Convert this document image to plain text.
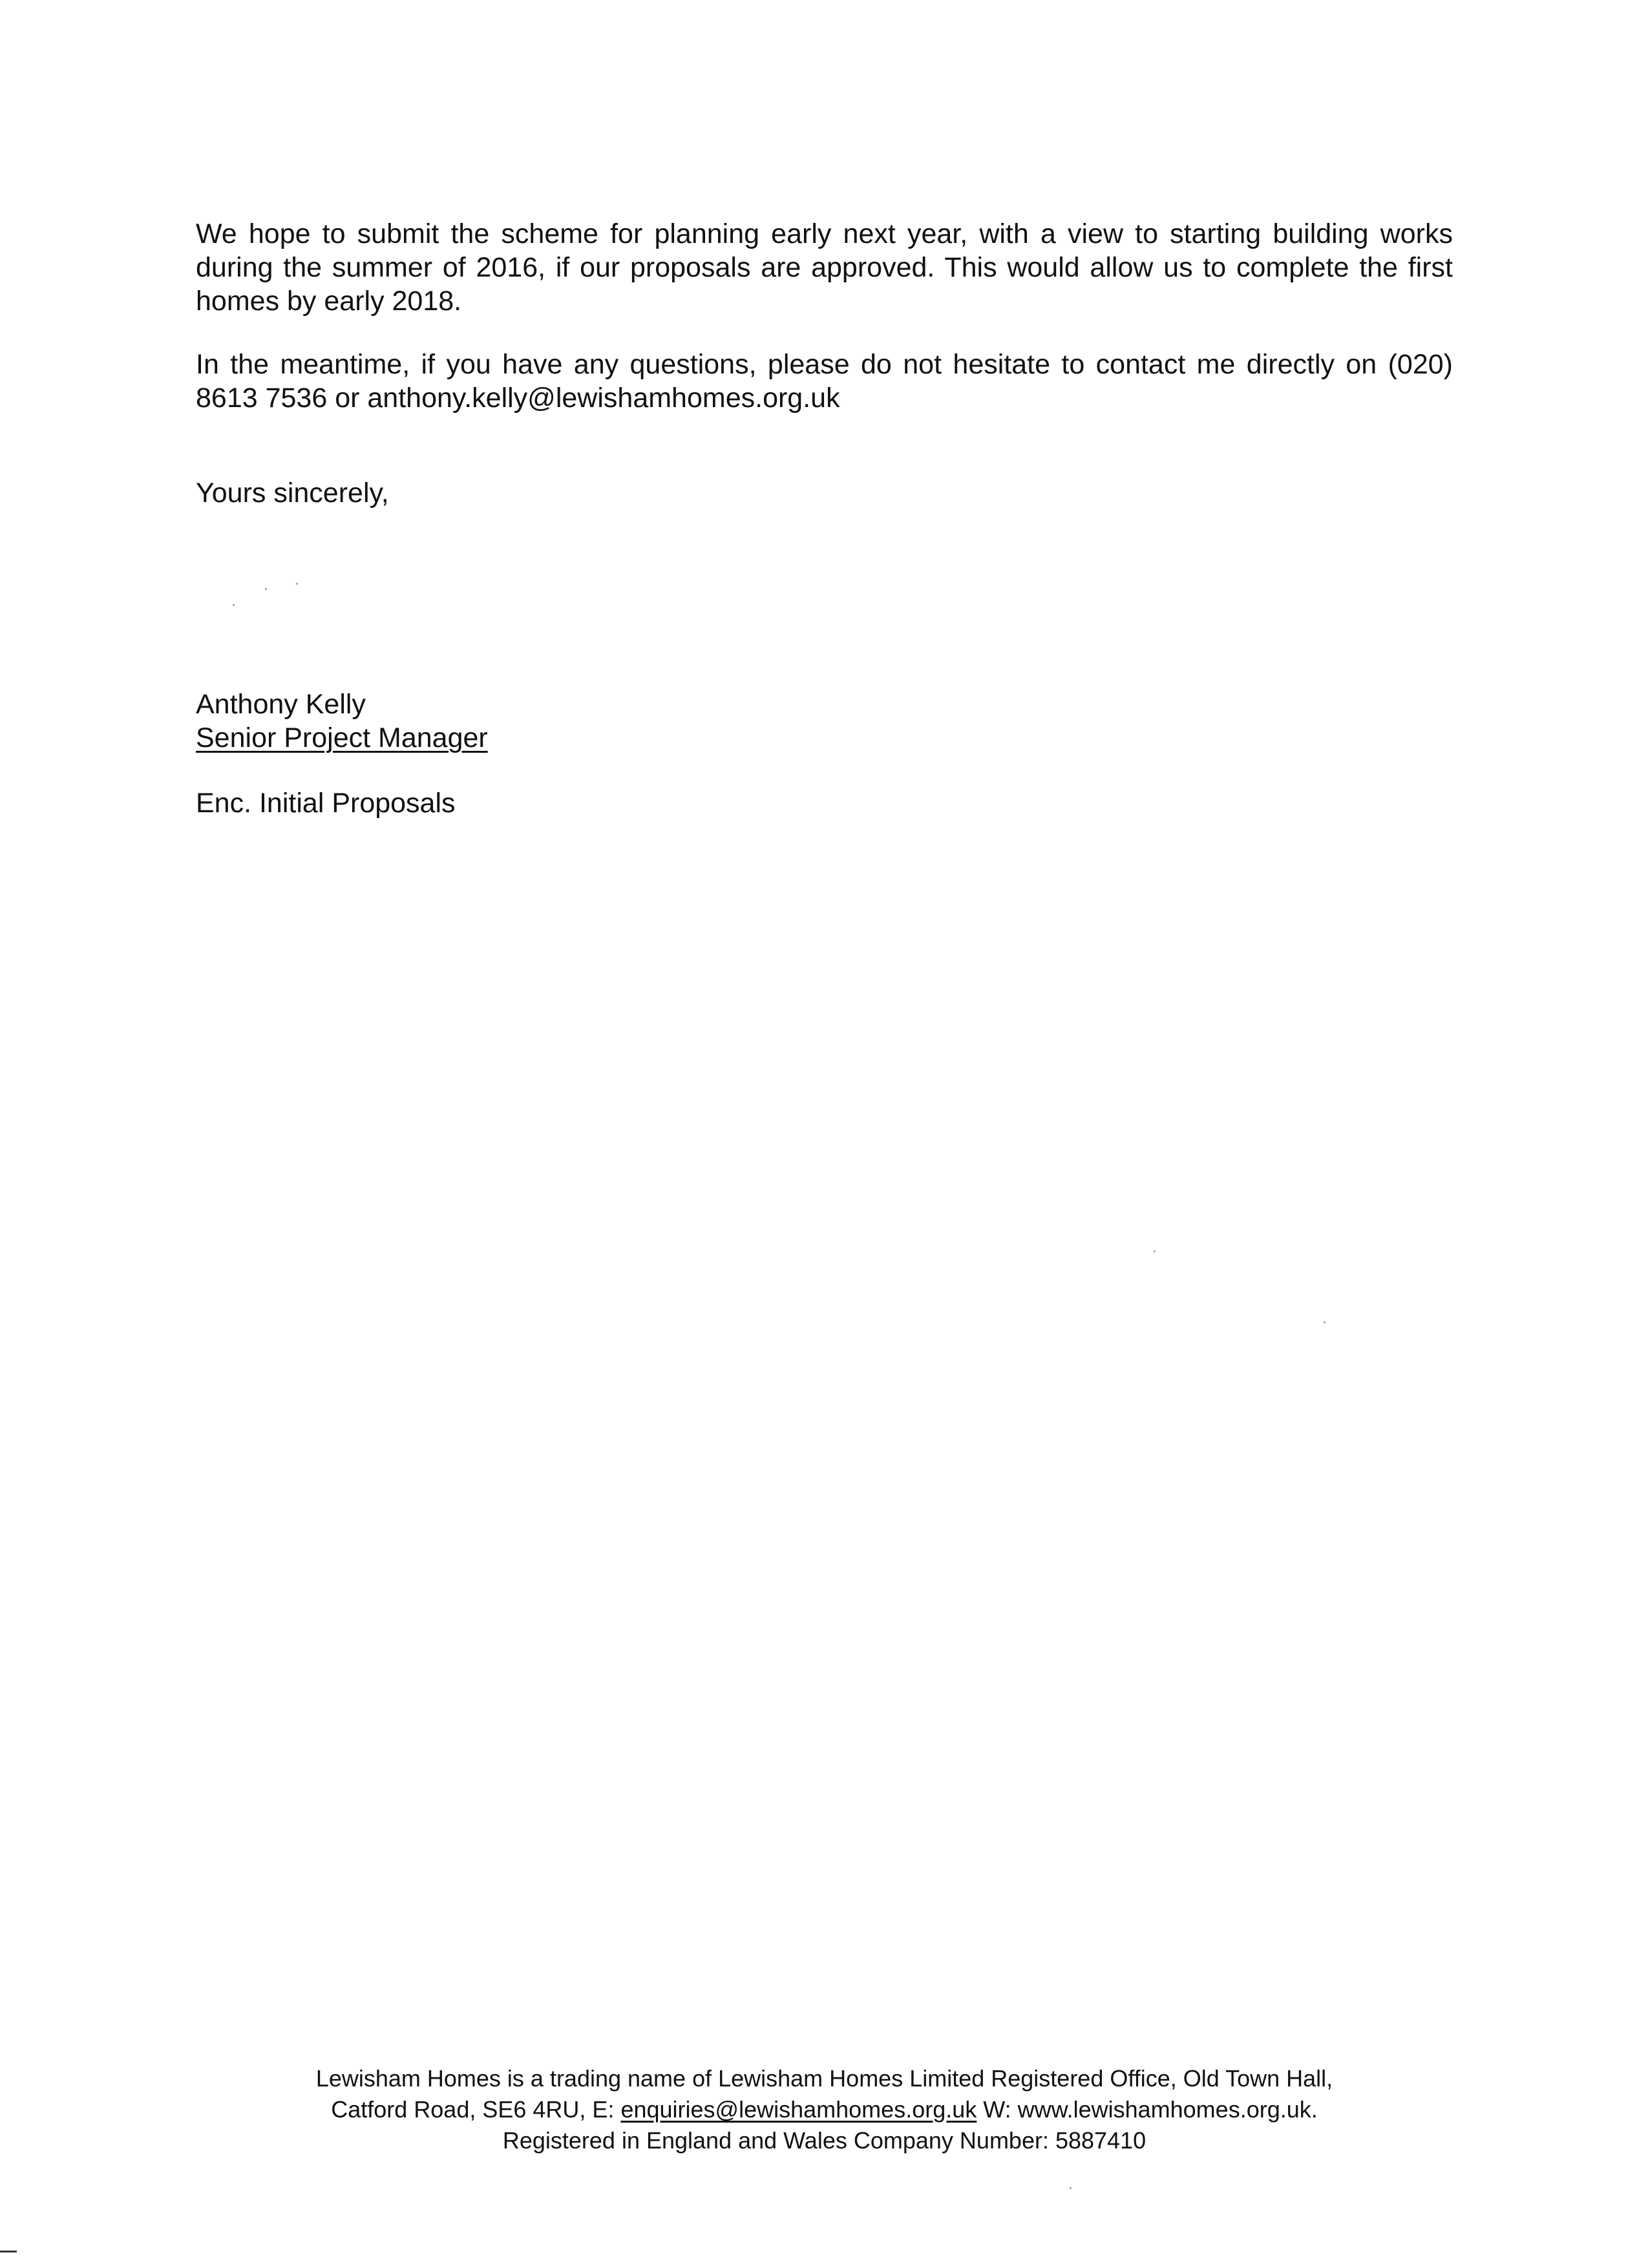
We hope to submit the scheme for planning early next year, with a view to starting building works during the summer of 2016, if our proposals are approved. This would allow us to complete the first homes by early 2018.

In the meantime, if you have any questions, please do not hesitate to contact me directly on (020) 8613 7536 or anthony.kelly@lewishamhomes.org.uk

Yours sincerely,

Anthony Kelly

Senior Project Manager

Enc. Initial Proposals

Lewisham Homes is a trading name of Lewisham Homes Limited Registered Office, Old Town Hall,
Catford Road, SE6 4RU, E: enquiries@lewishamhomes.org.uk W: www.lewishamhomes.org.uk.
Registered in England and Wales Company Number: 5887410
